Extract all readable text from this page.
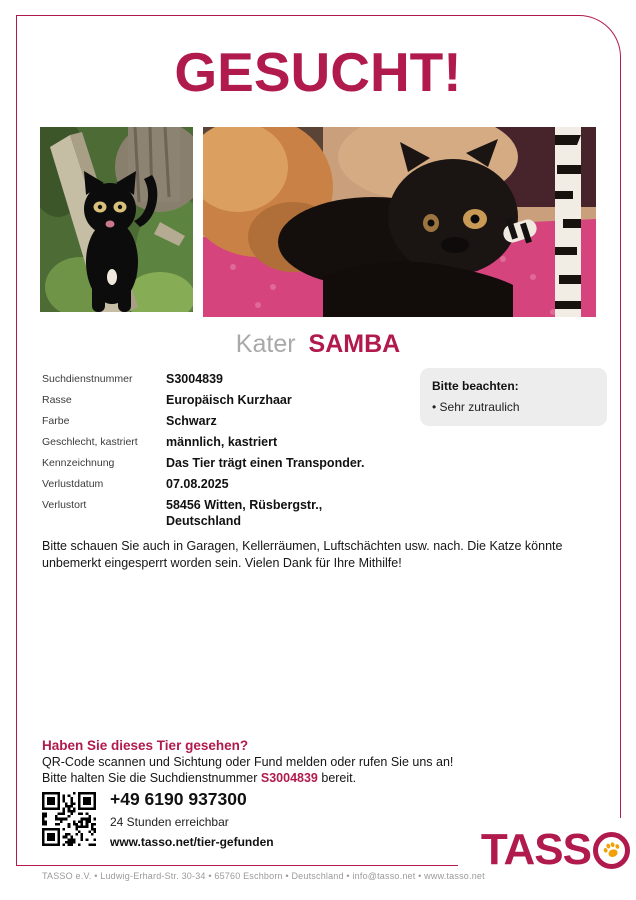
GESUCHT!
Kater SAMBA
Suchdienstnummer	S3004839
Rasse	Europäisch Kurzhaar
Farbe	Schwarz
Geschlecht, kastriert	männlich, kastriert
Kennzeichnung	Das Tier trägt einen Transponder.
Verlustdatum	07.08.2025
Verlustort	58456 Witten, Rüsbergstr., Deutschland
Bitte beachten:
• Sehr zutraulich
Bitte schauen Sie auch in Garagen, Kellerräumen, Luftschächten usw. nach. Die Katze könnte unbemerkt eingesperrt worden sein. Vielen Dank für Ihre Mithilfe!
Haben Sie dieses Tier gesehen?
QR-Code scannen und Sichtung oder Fund melden oder rufen Sie uns an!
Bitte halten Sie die Suchdienstnummer S3004839 bereit.
+49 6190 937300
24 Stunden erreichbar
www.tasso.net/tier-gefunden	TASS
TASSO e.V. • Ludwig-Erhard-Str. 30-34 • 65760 Eschborn • Deutschland • info@tasso.net • www.tasso.net
